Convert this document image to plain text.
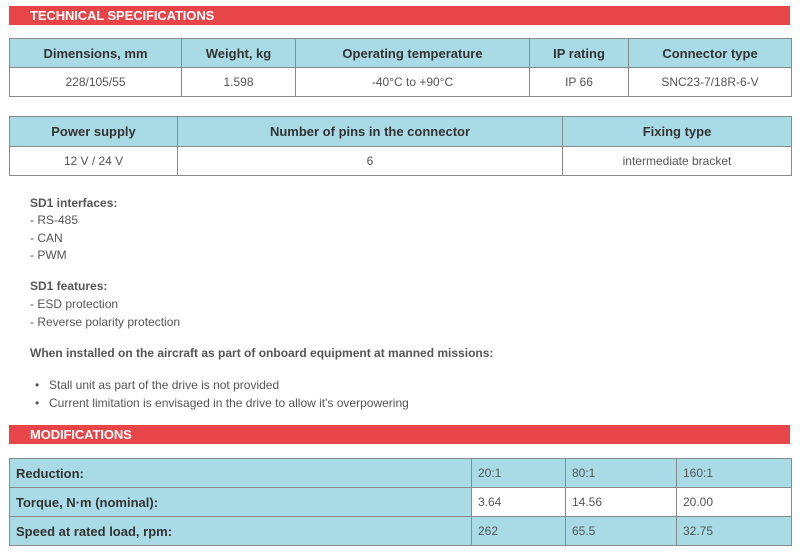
TECHNICAL SPECIFICATIONS
Dimensions, mm	Weight, kg	Operating temperature	IP rating	Connector type
228/105/55	1.598	-40°C to +90°C	IP 66	SNC23-7/18R-6-V
Power supply	Number of pins in the connector	Fixing type
12 V / 24 V	6	intermediate bracket
SD1 interfaces:
- RS-485
- CAN
- PWM
SD1 features:
- ESD protection
- Reverse polarity protection
When installed on the aircraft as part of onboard equipment at manned missions:
• Stall unit as part of the drive is not provided
• Current limitation is envisaged in the drive to allow it's overpowering
MODIFICATIONS
Reduction:	20:1	80:1	160:1
Torque, N·m (nominal):	3.64	14.56	20.00
Speed at rated load, rpm:	262	65.5	32.75
